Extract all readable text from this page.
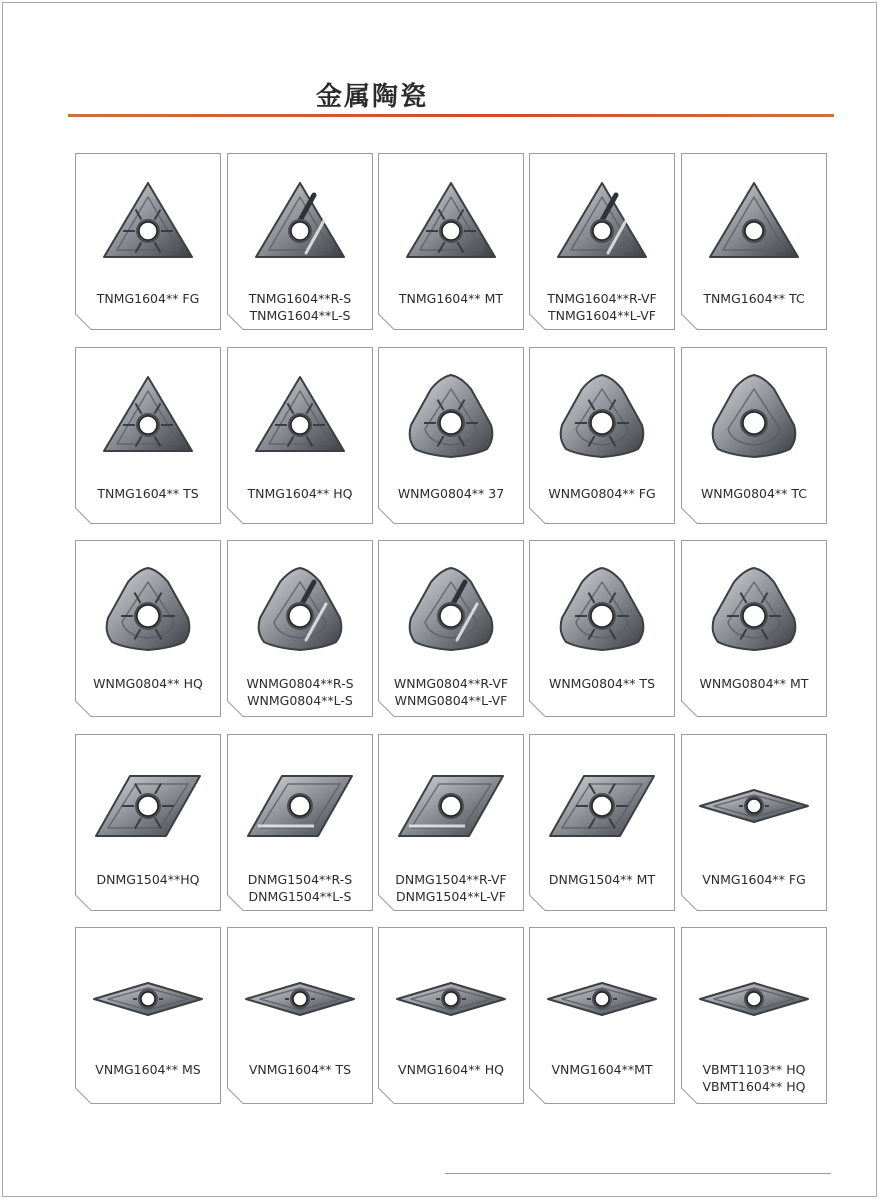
金属陶瓷
TNMG1604** FG	TNMG1604**R-S
TNMG1604**L-S
TNMG1604** MT	TNMG1604**R-VF
TNMG1604**L-VF
TNMG1604** TC
TNMG1604** TS	TNMG1604** HQ	WNMG0804** 37	WNMG0804** FG	WNMG0804** TC
WNMG0804** HQ	WNMG0804**R-S
WNMG0804**L-S
WNMG0804**R-VF
WNMG0804**L-VF
WNMG0804** TS	WNMG0804** MT
DNMG1504**HQ	DNMG1504**R-S
DNMG1504**L-S
DNMG1504**R-VF
DNMG1504**L-VF
DNMG1504** MT	VNMG1604** FG
VNMG1604** MS	VNMG1604** TS	VNMG1604** HQ	VNMG1604**MT	VBMT1103** HQ
VBMT1604** HQ
